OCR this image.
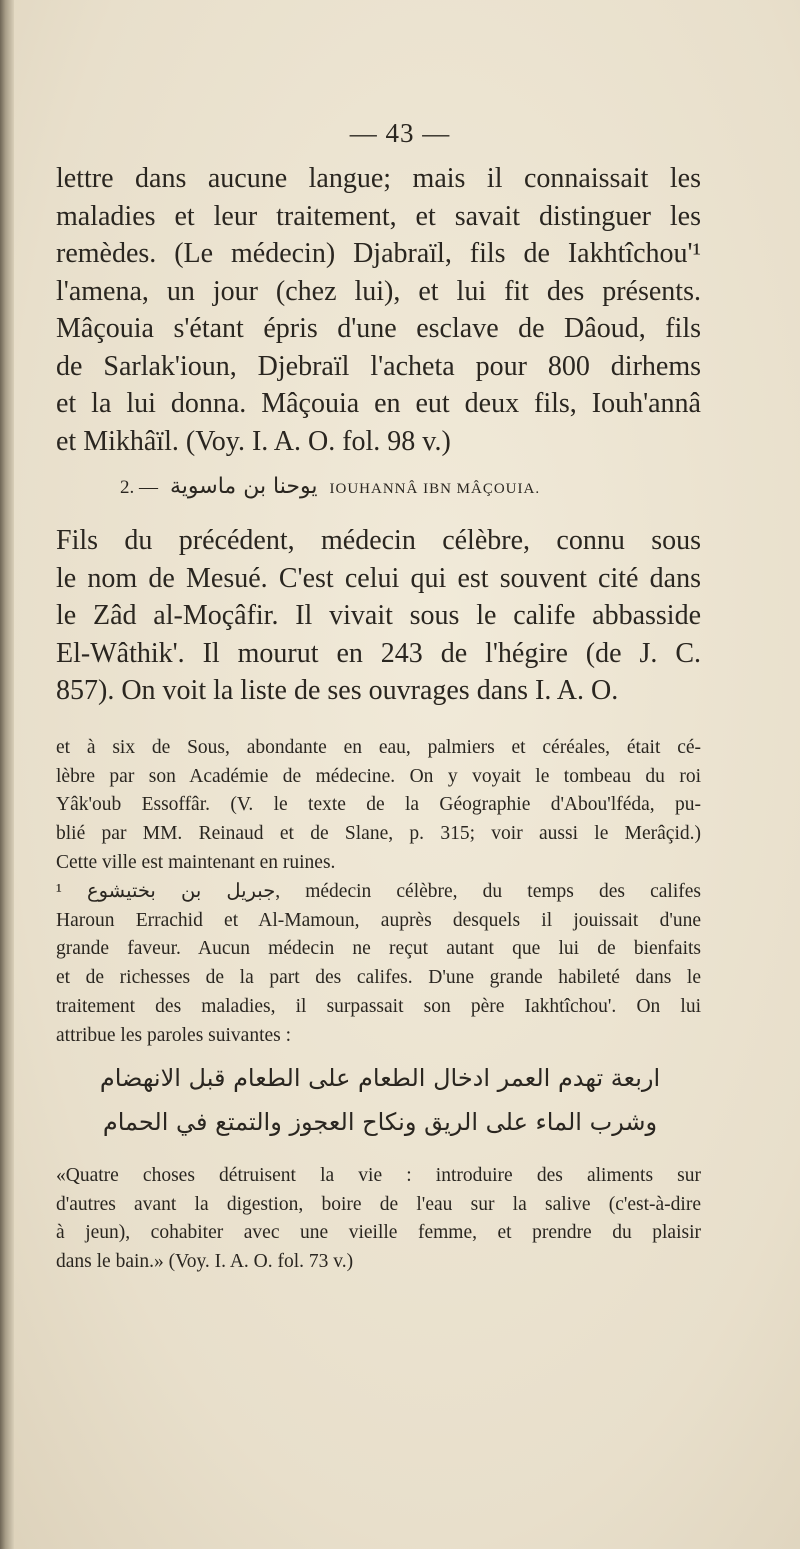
— 43 —
lettre dans aucune langue; mais il connaissait les
maladies et leur traitement, et savait distinguer les
remèdes. (Le médecin) Djabraïl, fils de Iakhtîchou'¹
l'amena, un jour (chez lui), et lui fit des présents.
Mâçouia s'étant épris d'une esclave de Dâoud, fils
de Sarlak'ioun, Djebraïl l'acheta pour 800 dirhems
et la lui donna. Mâçouia en eut deux fils, Iouh'annâ
et Mikhâïl. (Voy. I. A. O. fol. 98 v.)
2. — يوحنا بن ماسوية IOUHANNÂ IBN MÂÇOUIA.
Fils du précédent, médecin célèbre, connu sous
le nom de Mesué. C'est celui qui est souvent cité dans
le Zâd al-Moçâfir. Il vivait sous le calife abbasside
El-Wâthik'. Il mourut en 243 de l'hégire (de J. C.
857). On voit la liste de ses ouvrages dans I. A. O.
et à six de Sous, abondante en eau, palmiers et céréales, était cé-
lèbre par son Académie de médecine. On y voyait le tombeau du roi
Yâk'oub Essoffâr. (V. le texte de la Géographie d'Abou'lféda, pu-
blié par MM. Reinaud et de Slane, p. 315; voir aussi le Merâçid.)
Cette ville est maintenant en ruines.
¹ جبريل بن بختيشوع, médecin célèbre, du temps des califes
Haroun Errachid et Al-Mamoun, auprès desquels il jouissait d'une
grande faveur. Aucun médecin ne reçut autant que lui de bienfaits
et de richesses de la part des califes. D'une grande habileté dans le
traitement des maladies, il surpassait son père Iakhtîchou'. On lui
attribue les paroles suivantes :
اربعة تهدم العمر ادخال الطعام على الطعام قبل الانهضام
وشرب الماء على الريق ونكاح العجوز والتمتع في الحمام
«Quatre choses détruisent la vie : introduire des aliments sur
d'autres avant la digestion, boire de l'eau sur la salive (c'est-à-dire
à jeun), cohabiter avec une vieille femme, et prendre du plaisir
dans le bain.» (Voy. I. A. O. fol. 73 v.)
